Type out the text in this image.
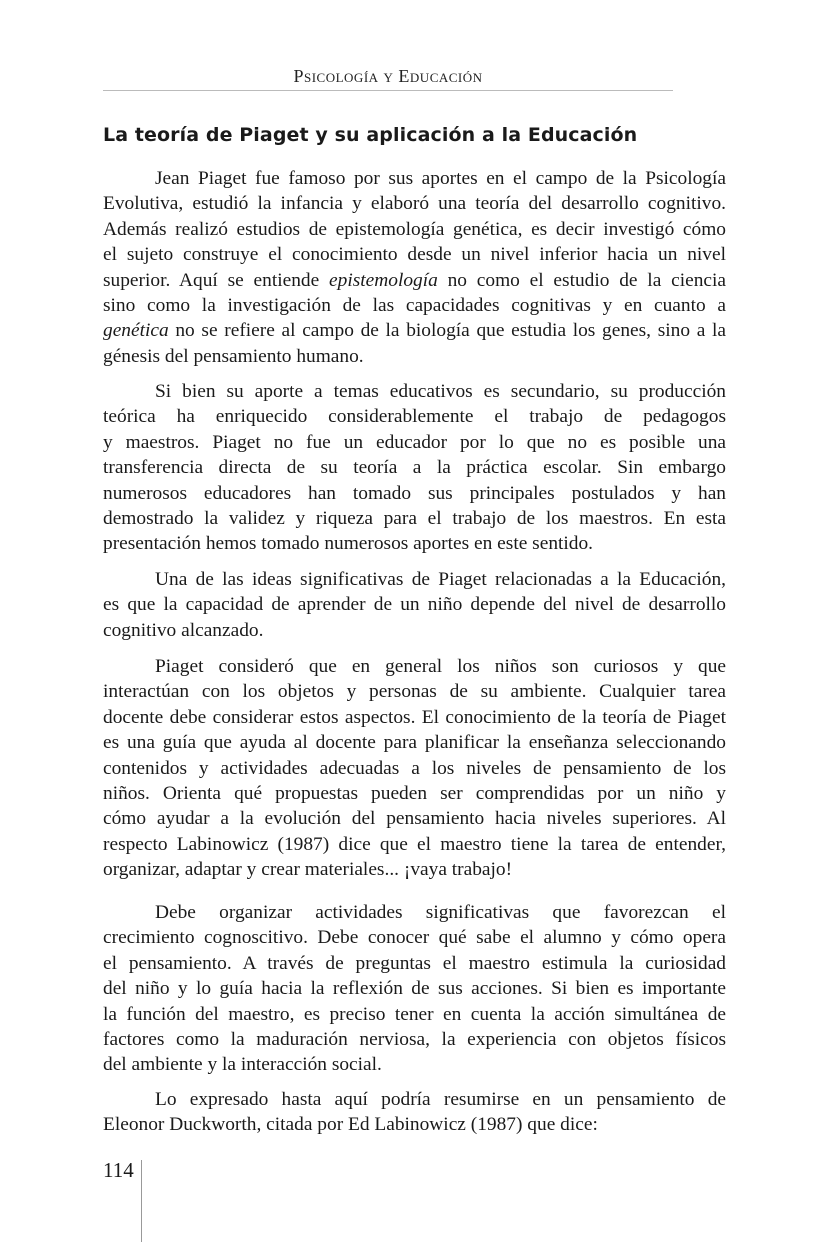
Psicología y Educación
La teoría de Piaget y su aplicación a la Educación
Jean Piaget fue famoso por sus aportes en el campo de la Psicología
Evolutiva, estudió la infancia y elaboró una teoría del desarrollo cognitivo.
Además realizó estudios de epistemología genética, es decir investigó cómo
el sujeto construye el conocimiento desde un nivel inferior hacia un nivel
superior. Aquí se entiende epistemología no como el estudio de la ciencia
sino como la investigación de las capacidades cognitivas y en cuanto a
genética no se refiere al campo de la biología que estudia los genes, sino a la
génesis del pensamiento humano.
Si bien su aporte a temas educativos es secundario, su producción
teórica ha enriquecido considerablemente el trabajo de pedagogos
y maestros. Piaget no fue un educador por lo que no es posible una
transferencia directa de su teoría a la práctica escolar. Sin embargo
numerosos educadores han tomado sus principales postulados y han
demostrado la validez y riqueza para el trabajo de los maestros. En esta
presentación hemos tomado numerosos aportes en este sentido.
Una de las ideas significativas de Piaget relacionadas a la Educación,
es que la capacidad de aprender de un niño depende del nivel de desarrollo
cognitivo alcanzado.
Piaget consideró que en general los niños son curiosos y que
interactúan con los objetos y personas de su ambiente. Cualquier tarea
docente debe considerar estos aspectos. El conocimiento de la teoría de Piaget
es una guía que ayuda al docente para planificar la enseñanza seleccionando
contenidos y actividades adecuadas a los niveles de pensamiento de los
niños. Orienta qué propuestas pueden ser comprendidas por un niño y
cómo ayudar a la evolución del pensamiento hacia niveles superiores. Al
respecto Labinowicz (1987) dice que el maestro tiene la tarea de entender,
organizar, adaptar y crear materiales... ¡vaya trabajo!
Debe organizar actividades significativas que favorezcan el
crecimiento cognoscitivo. Debe conocer qué sabe el alumno y cómo opera
el pensamiento. A través de preguntas el maestro estimula la curiosidad
del niño y lo guía hacia la reflexión de sus acciones. Si bien es importante
la función del maestro, es preciso tener en cuenta la acción simultánea de
factores como la maduración nerviosa, la experiencia con objetos físicos
del ambiente y la interacción social.
Lo expresado hasta aquí podría resumirse en un pensamiento de
Eleonor Duckworth, citada por Ed Labinowicz (1987) que dice:
114
